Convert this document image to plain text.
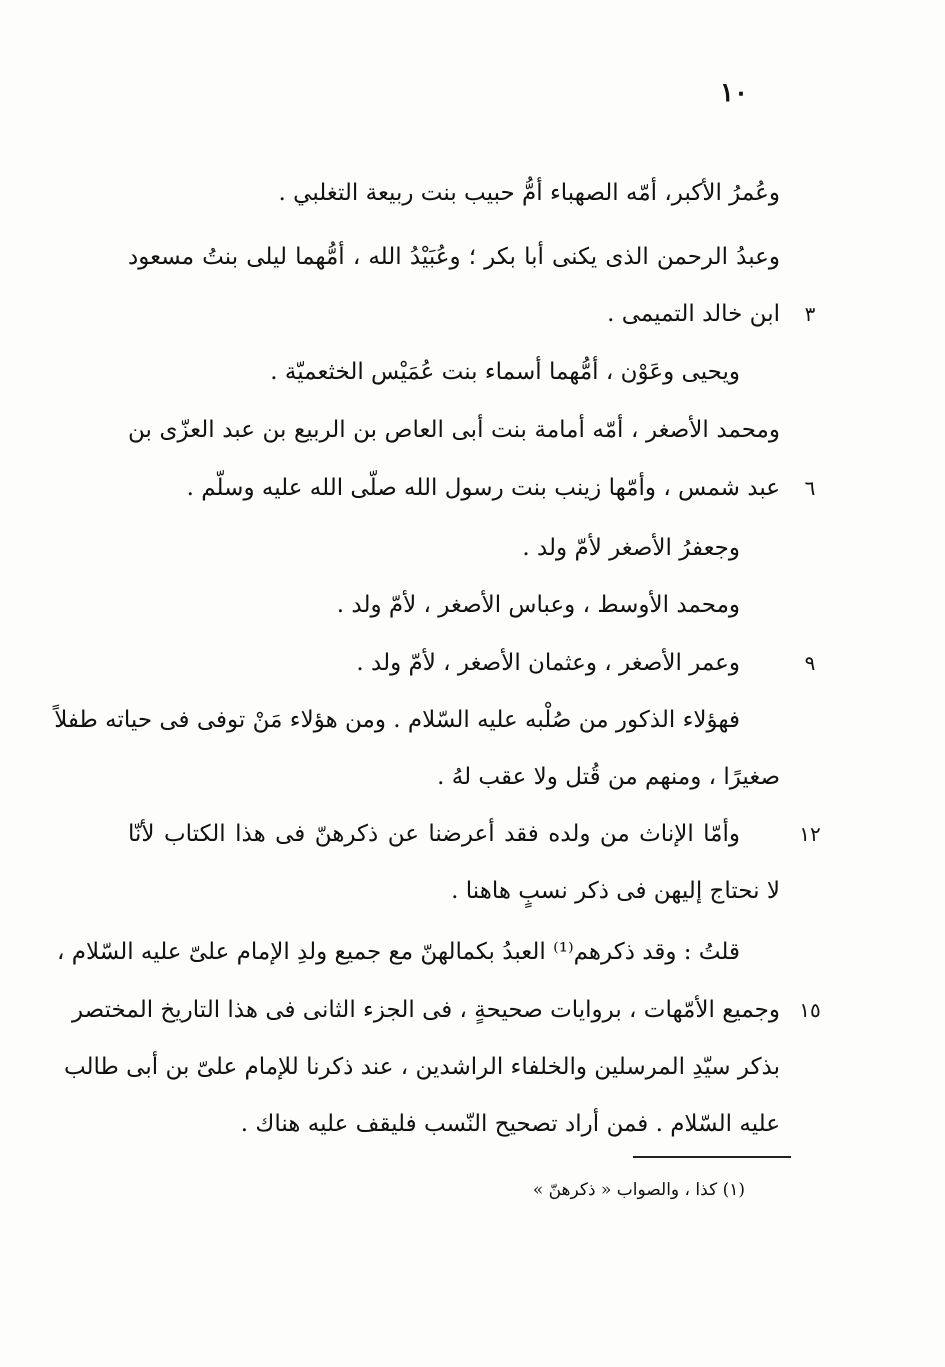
١٠
وعُمرُ الأكبر، أمّه الصهباء أمُّ حبيب بنت ربيعة التغلبي .
وعبدُ الرحمن الذى يكنى أبا بكر ؛ وعُبَيْدُ الله ، أمُّهما ليلى بنتُ مسعود
ابن خالد التميمى .	٣
ويحيى وعَوْن ، أمُّهما أسماء بنت عُمَيْس الخثعميّة .
ومحمد الأصغر ، أمّه أمامة بنت أبى العاص بن الربيع بن عبد العزّى بن
عبد شمس ، وأمّها زينب بنت رسول الله صلّى الله عليه وسلّم .	٦
وجعفرُ الأصغر لأمّ ولد .
ومحمد الأوسط ، وعباس الأصغر ، لأمّ ولد .
وعمر الأصغر ، وعثمان الأصغر ، لأمّ ولد .	٩
فهؤلاء الذكور من صُلْبه عليه السّلام . ومن هؤلاء مَنْ توفى فى حياته طفلاً
صغيرًا ، ومنهم من قُتل ولا عقب لهُ .
وأمّا الإناث من ولده فقد أعرضنا عن ذكرهنّ فى هذا الكتاب لأنّا	١٢
لا نحتاج إليهن فى ذكر نسبٍ هاهنا .
قلتُ : وقد ذكرهم⁽¹⁾ العبدُ بكمالهنّ مع جميع ولدِ الإمام علىّ عليه السّلام ،
وجميع الأمّهات ، بروايات صحيحةٍ ، فى الجزء الثانى فى هذا التاريخ المختصر ١٥
بذكر سيّدِ المرسلين والخلفاء الراشدين ، عند ذكرنا للإمام علىّ بن أبى طالب
عليه السّلام . فمن أراد تصحيح النّسب فليقف عليه هناك .
(١) كذا ، والصواب « ذكرهنّ »
